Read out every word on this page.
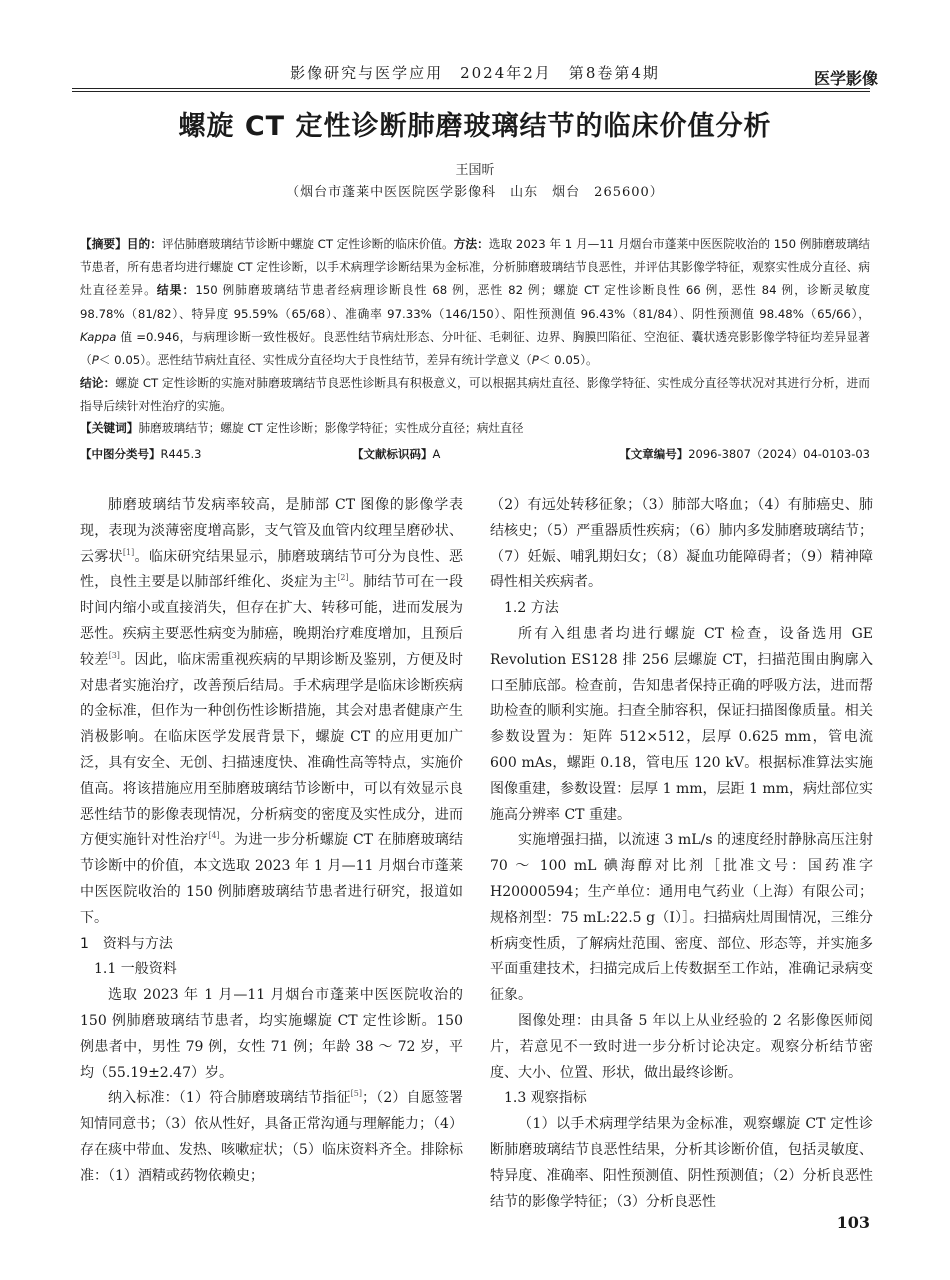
影像研究与医学应用　2024年2月　第8卷第4期	医学影像
螺旋 CT 定性诊断肺磨玻璃结节的临床价值分析
王国昕
（烟台市蓬莱中医医院医学影像科　山东　烟台　265600）
【摘要】目的：评估肺磨玻璃结节诊断中螺旋 CT 定性诊断的临床价值。方法：选取 2023 年 1 月—11 月烟台市蓬莱中医医院收治的 150 例肺磨玻璃结节患者，所有患者均进行螺旋 CT 定性诊断，以手术病理学诊断结果为金标准，分析肺磨玻璃结节良恶性，并评估其影像学特征，观察实性成分直径、病灶直径差异。结果：150 例肺磨玻璃结节患者经病理诊断良性 68 例，恶性 82 例；螺旋 CT 定性诊断良性 66 例，恶性 84 例，诊断灵敏度 98.78%（81/82）、特异度 95.59%（65/68）、准确率 97.33%（146/150）、阳性预测值 96.43%（81/84）、阴性预测值 98.48%（65/66），Kappa 值 =0.946，与病理诊断一致性极好。良恶性结节病灶形态、分叶征、毛刺征、边界、胸膜凹陷征、空泡征、囊状透亮影影像学特征均差异显著（P＜ 0.05）。恶性结节病灶直径、实性成分直径均大于良性结节，差异有统计学意义（P＜ 0.05）。
结论：螺旋 CT 定性诊断的实施对肺磨玻璃结节良恶性诊断具有积极意义，可以根据其病灶直径、影像学特征、实性成分直径等状况对其进行分析，进而指导后续针对性治疗的实施。
【关键词】肺磨玻璃结节；螺旋 CT 定性诊断；影像学特征；实性成分直径；病灶直径
【中图分类号】R445.3	【文献标识码】A	【文章编号】2096-3807（2024）04-0103-03

肺磨玻璃结节发病率较高，是肺部 CT 图像的影像学表现，表现为淡薄密度增高影，支气管及血管内纹理呈磨砂状、云雾状[1]。临床研究结果显示，肺磨玻璃结节可分为良性、恶性，良性主要是以肺部纤维化、炎症为主[2]。肺结节可在一段时间内缩小或直接消失，但存在扩大、转移可能，进而发展为恶性。疾病主要恶性病变为肺癌，晚期治疗难度增加，且预后较差[3]。因此，临床需重视疾病的早期诊断及鉴别，方便及时对患者实施治疗，改善预后结局。手术病理学是临床诊断疾病的金标准，但作为一种创伤性诊断措施，其会对患者健康产生消极影响。在临床医学发展背景下，螺旋 CT 的应用更加广泛，具有安全、无创、扫描速度快、准确性高等特点，实施价值高。将该措施应用至肺磨玻璃结节诊断中，可以有效显示良恶性结节的影像表现情况，分析病变的密度及实性成分，进而方便实施针对性治疗[4]。为进一步分析螺旋 CT 在肺磨玻璃结节诊断中的价值，本文选取 2023 年 1 月—11 月烟台市蓬莱中医医院收治的 150 例肺磨玻璃结节患者进行研究，报道如下。

1　资料与方法

1.1 一般资料

选取 2023 年 1 月—11 月烟台市蓬莱中医医院收治的 150 例肺磨玻璃结节患者，均实施螺旋 CT 定性诊断。150 例患者中，男性 79 例，女性 71 例；年龄 38 ～ 72 岁，平均（55.19±2.47）岁。

纳入标准：（1）符合肺磨玻璃结节指征[5]；（2）自愿签署知情同意书；（3）依从性好，具备正常沟通与理解能力；（4）存在痰中带血、发热、咳嗽症状；（5）临床资料齐全。排除标准：（1）酒精或药物依赖史；

（2）有远处转移征象；（3）肺部大咯血；（4）有肺癌史、肺结核史；（5）严重器质性疾病；（6）肺内多发肺磨玻璃结节；（7）妊娠、哺乳期妇女；（8）凝血功能障碍者；（9）精神障碍性相关疾病者。

1.2 方法

所有入组患者均进行螺旋 CT 检查，设备选用 GE Revolution ES128 排 256 层螺旋 CT，扫描范围由胸廓入口至肺底部。检查前，告知患者保持正确的呼吸方法，进而帮助检查的顺利实施。扫查全肺容积，保证扫描图像质量。相关参数设置为：矩阵 512×512，层厚 0.625 mm，管电流 600 mAs，螺距 0.18，管电压 120 kV。根据标准算法实施图像重建，参数设置：层厚 1 mm，层距 1 mm，病灶部位实施高分辨率 CT 重建。

实施增强扫描，以流速 3 mL/s 的速度经肘静脉高压注射 70 ～ 100 mL 碘海醇对比剂［批准文号：国药准字 H20000594；生产单位：通用电气药业（上海）有限公司；规格剂型：75 mL:22.5 g（I）］。扫描病灶周围情况，三维分析病变性质，了解病灶范围、密度、部位、形态等，并实施多平面重建技术，扫描完成后上传数据至工作站，准确记录病变征象。

图像处理：由具备 5 年以上从业经验的 2 名影像医师阅片，若意见不一致时进一步分析讨论决定。观察分析结节密度、大小、位置、形状，做出最终诊断。

1.3 观察指标

（1）以手术病理学结果为金标准，观察螺旋 CT 定性诊断肺磨玻璃结节良恶性结果，分析其诊断价值，包括灵敏度、特异度、准确率、阳性预测值、阴性预测值；（2）分析良恶性结节的影像学特征；（3）分析良恶性

103
